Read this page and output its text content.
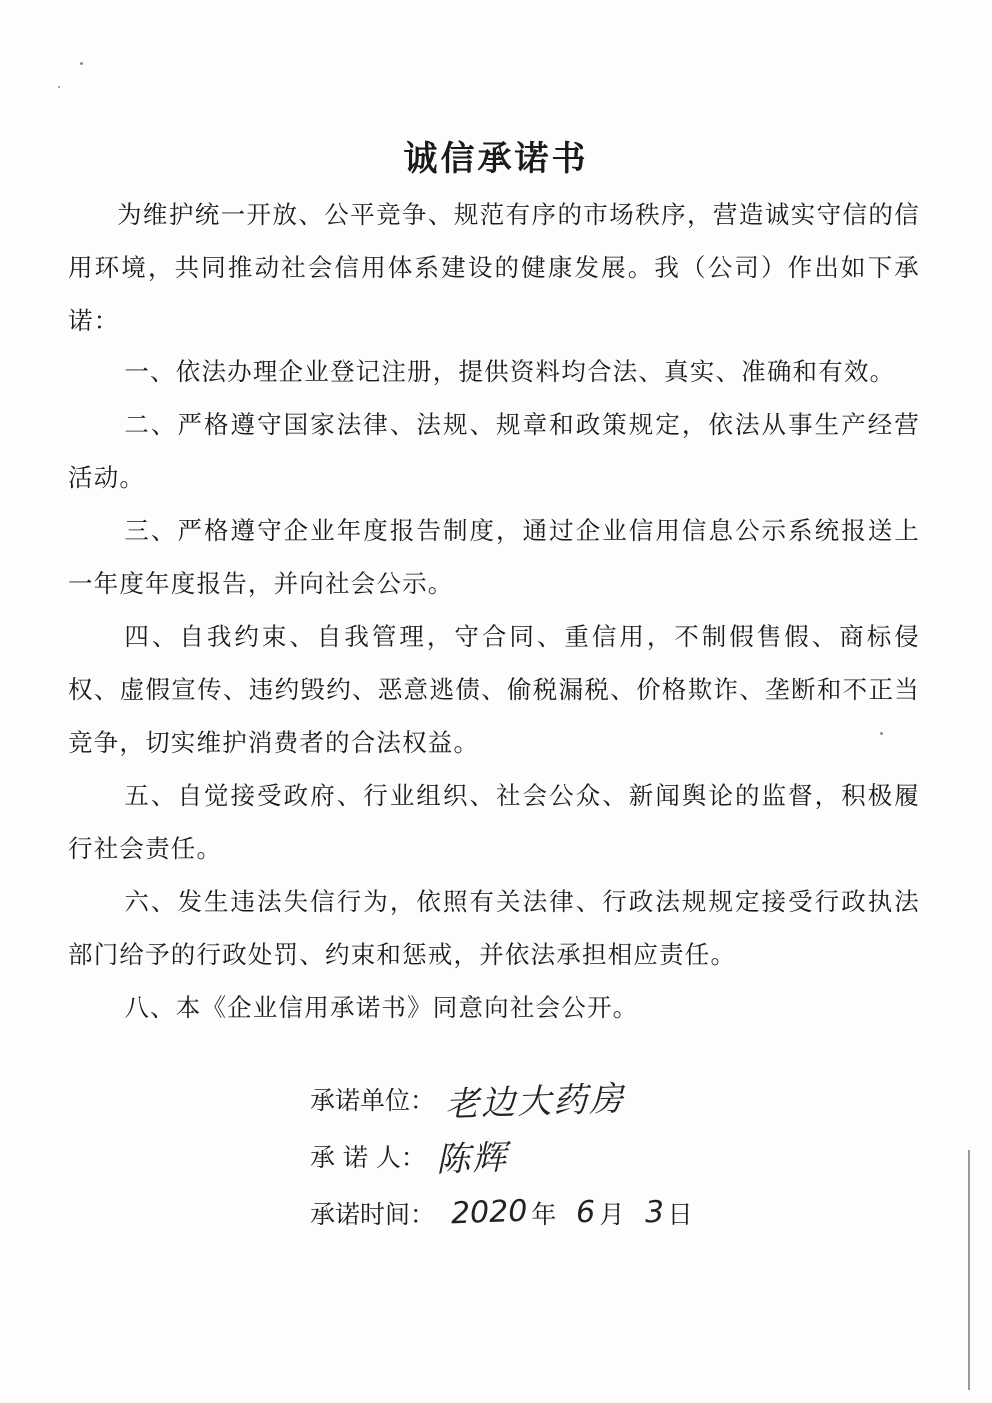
诚信承诺书

为维护统一开放、公平竞争、规范有序的市场秩序，营造诚实守信的信用环境，共同推动社会信用体系建设的健康发展。我（公司）作出如下承诺：

一、依法办理企业登记注册，提供资料均合法、真实、准确和有效。

二、严格遵守国家法律、法规、规章和政策规定，依法从事生产经营活动。

三、严格遵守企业年度报告制度，通过企业信用信息公示系统报送上一年度年度报告，并向社会公示。

四、自我约束、自我管理，守合同、重信用，不制假售假、商标侵权、虚假宣传、违约毁约、恶意逃债、偷税漏税、价格欺诈、垄断和不正当竞争，切实维护消费者的合法权益。

五、自觉接受政府、行业组织、社会公众、新闻舆论的监督，积极履行社会责任。

六、发生违法失信行为，依照有关法律、行政法规规定接受行政执法部门给予的行政处罚、约束和惩戒，并依法承担相应责任。

八、本《企业信用承诺书》同意向社会公开。

承诺单位： 老边大药房
承 诺 人： 陈辉
承诺时间： 2020 年 6 月 3 日
